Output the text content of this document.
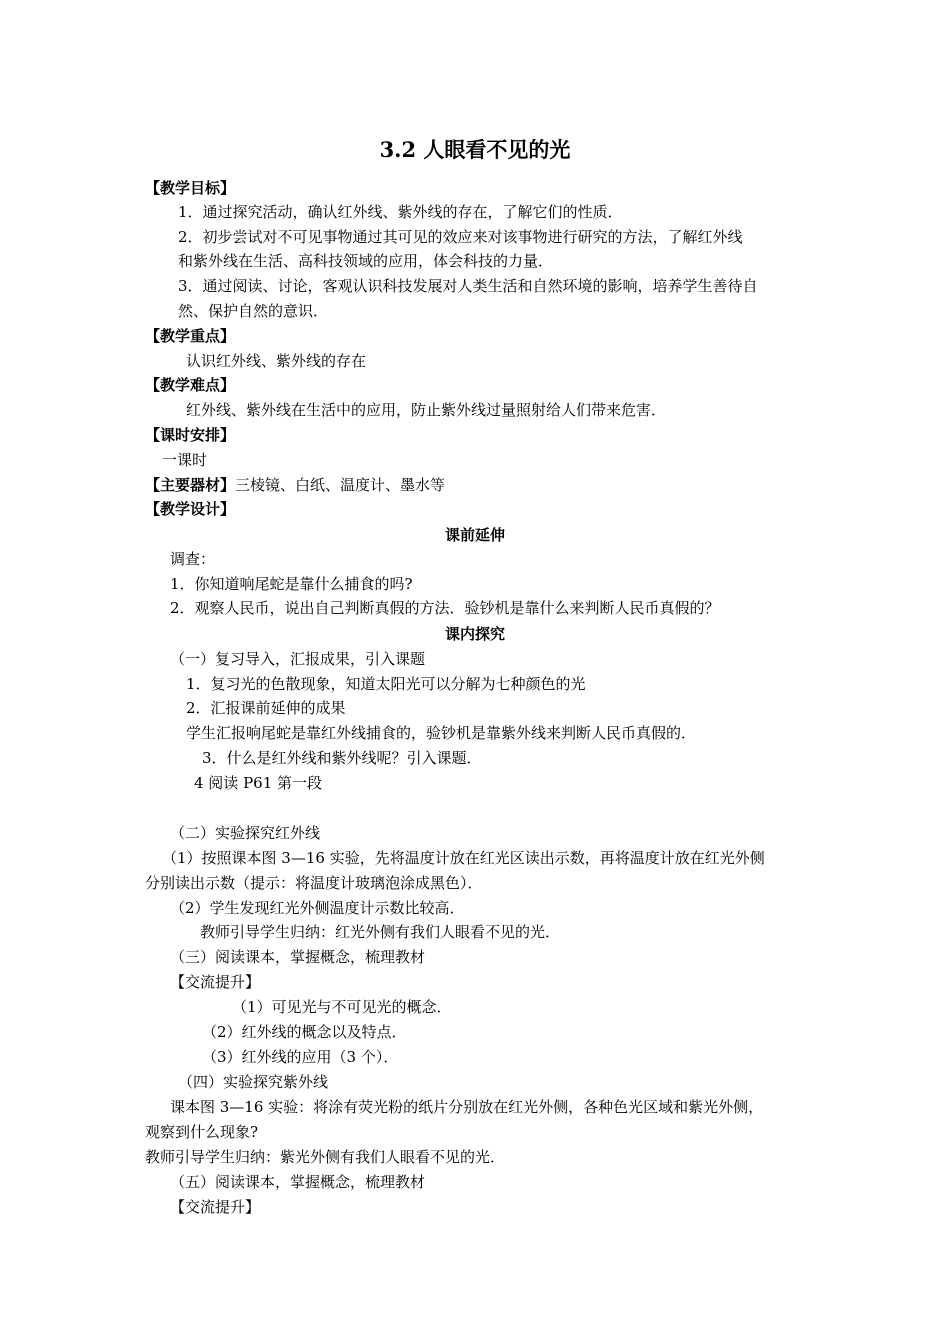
3.2 人眼看不见的光
【教学目标】
1．通过探究活动，确认红外线、紫外线的存在，了解它们的性质．
2．初步尝试对不可见事物通过其可见的效应来对该事物进行研究的方法，了解红外线
和紫外线在生活、高科技领域的应用，体会科技的力量．
3．通过阅读、讨论，客观认识科技发展对人类生活和自然环境的影响，培养学生善待自
然、保护自然的意识．
【教学重点】
认识红外线、紫外线的存在
【教学难点】
红外线、紫外线在生活中的应用，防止紫外线过量照射给人们带来危害．
【课时安排】
一课时
【主要器材】三棱镜、白纸、温度计、墨水等
【教学设计】
课前延伸
调查：
1．你知道响尾蛇是靠什么捕食的吗?
2．观察人民币，说出自己判断真假的方法．验钞机是靠什么来判断人民币真假的？
课内探究
（一）复习导入，汇报成果，引入课题
1．复习光的色散现象，知道太阳光可以分解为七种颜色的光
2．汇报课前延伸的成果
学生汇报响尾蛇是靠红外线捕食的，验钞机是靠紫外线来判断人民币真假的．
3．什么是红外线和紫外线呢？引入课题．
4 阅读 P61 第一段
（二）实验探究红外线
（1）按照课本图 3—16 实验，先将温度计放在红光区读出示数，再将温度计放在红光外侧
分别读出示数（提示：将温度计玻璃泡涂成黑色）．
（2）学生发现红光外侧温度计示数比较高．
教师引导学生归纳：红光外侧有我们人眼看不见的光．
（三）阅读课本，掌握概念，梳理教材
【交流提升】
（1）可见光与不可见光的概念．
（2）红外线的概念以及特点．
（3）红外线的应用（3 个）．
（四）实验探究紫外线
课本图 3—16 实验：将涂有荧光粉的纸片分别放在红光外侧，各种色光区域和紫光外侧，
观察到什么现象?
教师引导学生归纳：紫光外侧有我们人眼看不见的光．
（五）阅读课本，掌握概念，梳理教材
【交流提升】
